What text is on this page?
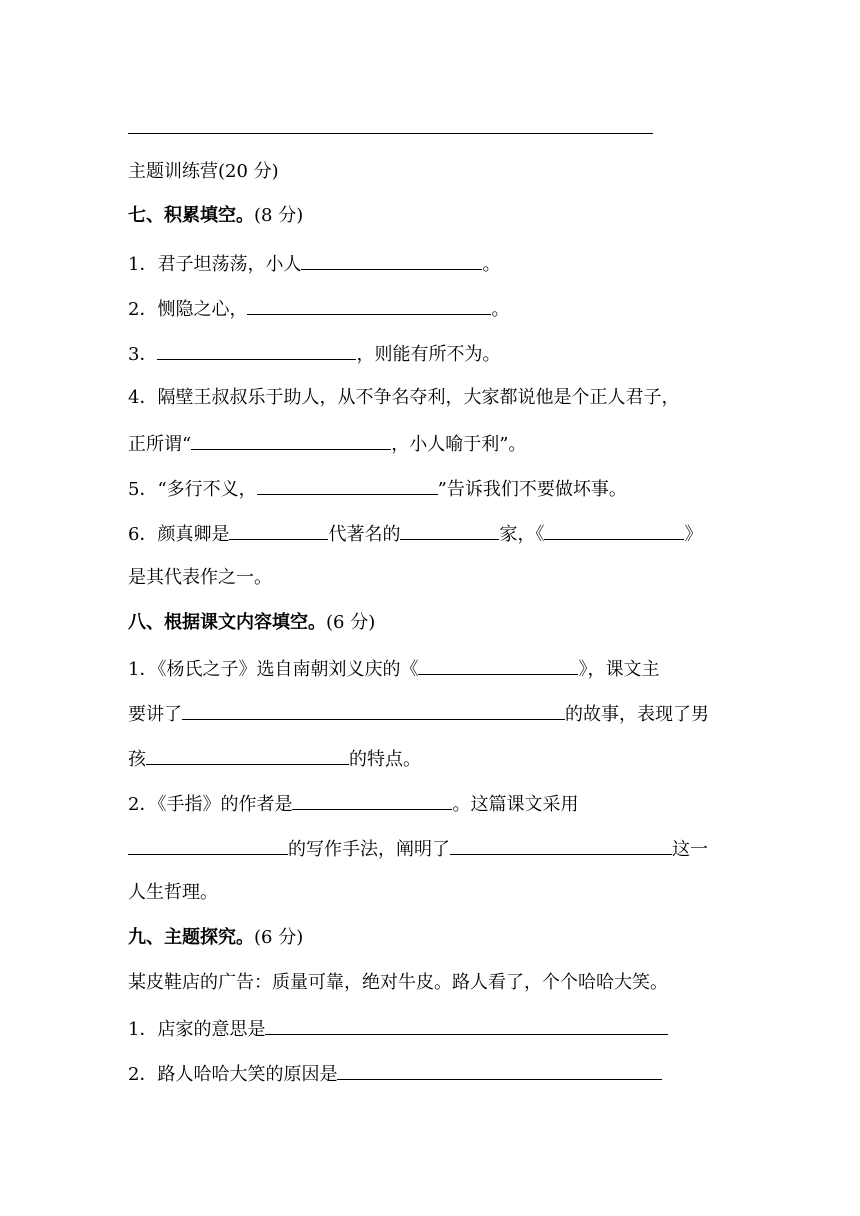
主题训练营(20 分)
七、积累填空。(8 分)
1．君子坦荡荡，小人	。
2．恻隐之心，	。
3．	，则能有所不为。
4．隔壁王叔叔乐于助人，从不争名夺利，大家都说他是个正人君子，
正所谓“	，小人喻于利”。
5．“多行不义，	”告诉我们不要做坏事。
6．颜真卿是	代著名的	家，《	》
是其代表作之一。
八、根据课文内容填空。(6 分)
1．《杨氏之子》选自南朝刘义庆的《	》，课文主
要讲了	的故事，表现了男
孩	的特点。
2．《手指》的作者是	。这篇课文采用
的写作手法，阐明了	这一
人生哲理。
九、主题探究。(6 分)
某皮鞋店的广告：质量可靠，绝对牛皮。路人看了，个个哈哈大笑。
1．店家的意思是
2．路人哈哈大笑的原因是
